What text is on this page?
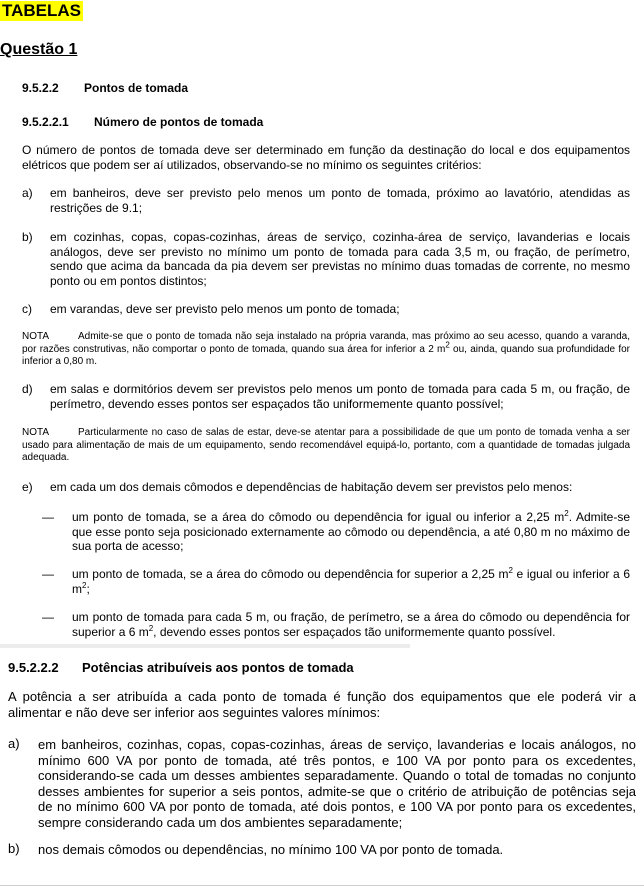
TABELAS
Questão 1
9.5.2.2 Pontos de tomada
9.5.2.2.1 Número de pontos de tomada
O número de pontos de tomada deve ser determinado em função da destinação do local e dos equipamentos elétricos que podem ser aí utilizados, observando-se no mínimo os seguintes critérios:
a) em banheiros, deve ser previsto pelo menos um ponto de tomada, próximo ao lavatório, atendidas as restrições de 9.1;
b) em cozinhas, copas, copas-cozinhas, áreas de serviço, cozinha-área de serviço, lavanderias e locais análogos, deve ser previsto no mínimo um ponto de tomada para cada 3,5 m, ou fração, de perímetro, sendo que acima da bancada da pia devem ser previstas no mínimo duas tomadas de corrente, no mesmo ponto ou em pontos distintos;
c) em varandas, deve ser previsto pelo menos um ponto de tomada;
NOTA	Admite-se que o ponto de tomada não seja instalado na própria varanda, mas próximo ao seu acesso, quando a varanda, por razões construtivas, não comportar o ponto de tomada, quando sua área for inferior a 2 $m^2$ ou, ainda, quando sua profundidade for inferior a 0,80 m.
d) em salas e dormitórios devem ser previstos pelo menos um ponto de tomada para cada 5 m, ou fração, de perímetro, devendo esses pontos ser espaçados tão uniformemente quanto possível;
NOTA	Particularmente no caso de salas de estar, deve-se atentar para a possibilidade de que um ponto de tomada venha a ser usado para alimentação de mais de um equipamento, sendo recomendável equipá-lo, portanto, com a quantidade de tomadas julgada adequada.
e) em cada um dos demais cômodos e dependências de habitação devem ser previstos pelo menos:
— um ponto de tomada, se a área do cômodo ou dependência for igual ou inferior a 2,25 $m^2$. Admite-se que esse ponto seja posicionado externamente ao cômodo ou dependência, a até 0,80 m no máximo de sua porta de acesso;
— um ponto de tomada, se a área do cômodo ou dependência for superior a 2,25 $m^2$ e igual ou inferior a 6 $m^2$;
— um ponto de tomada para cada 5 m, ou fração, de perímetro, se a área do cômodo ou dependência for superior a 6 $m^2$, devendo esses pontos ser espaçados tão uniformemente quanto possível.
9.5.2.2.2 Potências atribuíveis aos pontos de tomada
A potência a ser atribuída a cada ponto de tomada é função dos equipamentos que ele poderá vir a alimentar e não deve ser inferior aos seguintes valores mínimos:
a) em banheiros, cozinhas, copas, copas-cozinhas, áreas de serviço, lavanderias e locais análogos, no mínimo 600 VA por ponto de tomada, até três pontos, e 100 VA por ponto para os excedentes, considerando-se cada um desses ambientes separadamente. Quando o total de tomadas no conjunto desses ambientes for superior a seis pontos, admite-se que o critério de atribuição de potências seja de no mínimo 600 VA por ponto de tomada, até dois pontos, e 100 VA por ponto para os excedentes, sempre considerando cada um dos ambientes separadamente;
b) nos demais cômodos ou dependências, no mínimo 100 VA por ponto de tomada.
